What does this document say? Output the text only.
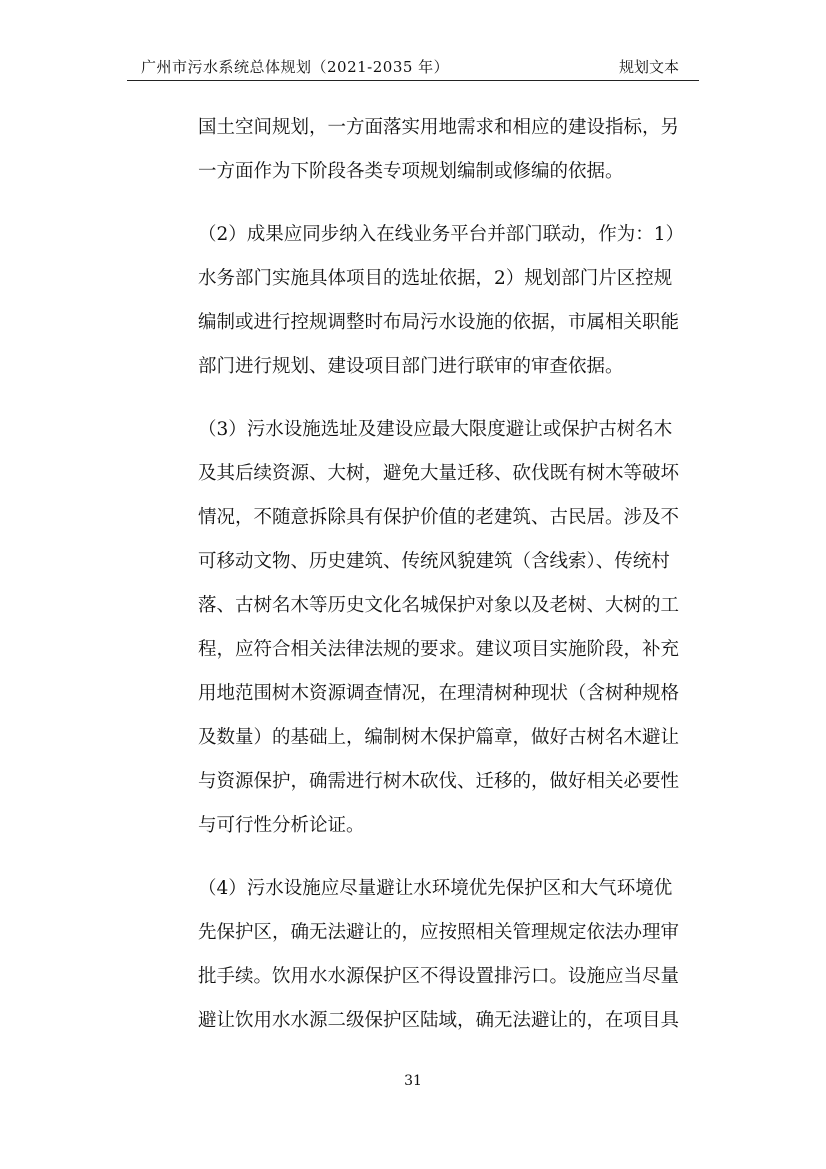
广州市污水系统总体规划（2021-2035 年）	规划文本
国土空间规划，一方面落实用地需求和相应的建设指标，另
一方面作为下阶段各类专项规划编制或修编的依据。
（2）成果应同步纳入在线业务平台并部门联动，作为：1）
水务部门实施具体项目的选址依据，2）规划部门片区控规
编制或进行控规调整时布局污水设施的依据，市属相关职能
部门进行规划、建设项目部门进行联审的审查依据。
（3）污水设施选址及建设应最大限度避让或保护古树名木
及其后续资源、大树，避免大量迁移、砍伐既有树木等破坏
情况，不随意拆除具有保护价值的老建筑、古民居。涉及不
可移动文物、历史建筑、传统风貌建筑（含线索）、传统村
落、古树名木等历史文化名城保护对象以及老树、大树的工
程，应符合相关法律法规的要求。建议项目实施阶段，补充
用地范围树木资源调查情况，在理清树种现状（含树种规格
及数量）的基础上，编制树木保护篇章，做好古树名木避让
与资源保护，确需进行树木砍伐、迁移的，做好相关必要性
与可行性分析论证。
（4）污水设施应尽量避让水环境优先保护区和大气环境优
先保护区，确无法避让的，应按照相关管理规定依法办理审
批手续。饮用水水源保护区不得设置排污口。设施应当尽量
避让饮用水水源二级保护区陆域，确无法避让的，在项目具
31
